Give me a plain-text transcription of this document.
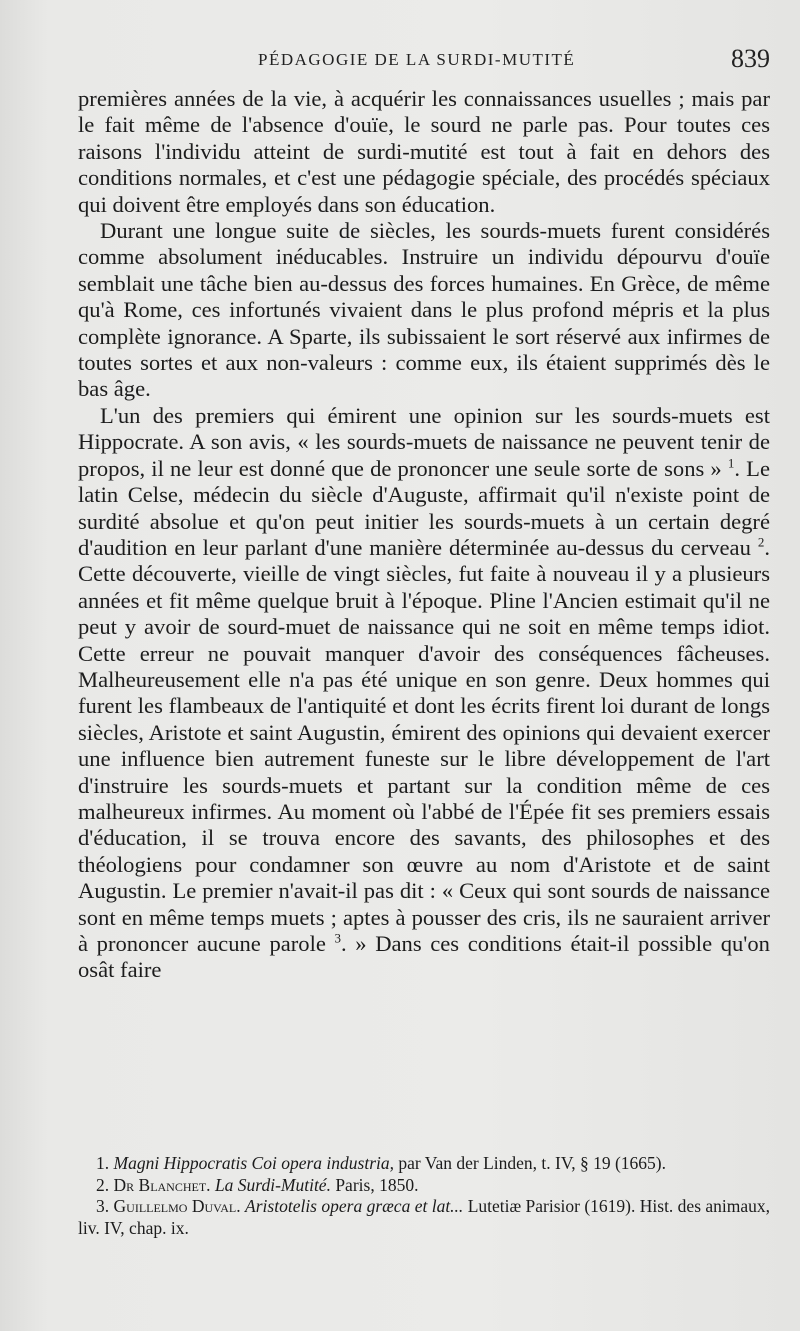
PÉDAGOGIE DE LA SURDI-MUTITÉ	839

premières années de la vie, à acquérir les connaissances usuelles ; mais par le fait même de l'absence d'ouïe, le sourd ne parle pas. Pour toutes ces raisons l'individu atteint de surdi-mutité est tout à fait en dehors des conditions normales, et c'est une pédagogie spéciale, des procédés spéciaux qui doivent être employés dans son éducation.

Durant une longue suite de siècles, les sourds-muets furent considérés comme absolument inéducables. Instruire un individu dépourvu d'ouïe semblait une tâche bien au-dessus des forces humaines. En Grèce, de même qu'à Rome, ces infortunés vivaient dans le plus profond mépris et la plus complète ignorance. A Sparte, ils subissaient le sort réservé aux infirmes de toutes sortes et aux non-valeurs : comme eux, ils étaient supprimés dès le bas âge.

L'un des premiers qui émirent une opinion sur les sourds-muets est Hippocrate. A son avis, « les sourds-muets de naissance ne peuvent tenir de propos, il ne leur est donné que de prononcer une seule sorte de sons » $^1$. Le latin Celse, médecin du siècle d'Auguste, affirmait qu'il n'existe point de surdité absolue et qu'on peut initier les sourds-muets à un certain degré d'audition en leur parlant d'une manière déterminée au-dessus du cerveau $^2$. Cette découverte, vieille de vingt siècles, fut faite à nouveau il y a plusieurs années et fit même quelque bruit à l'époque. Pline l'Ancien estimait qu'il ne peut y avoir de sourd-muet de naissance qui ne soit en même temps idiot. Cette erreur ne pouvait manquer d'avoir des conséquences fâcheuses. Malheureusement elle n'a pas été unique en son genre. Deux hommes qui furent les flambeaux de l'antiquité et dont les écrits firent loi durant de longs siècles, Aristote et saint Augustin, émirent des opinions qui devaient exercer une influence bien autrement funeste sur le libre développement de l'art d'instruire les sourds-muets et partant sur la condition même de ces malheureux infirmes. Au moment où l'abbé de l'Épée fit ses premiers essais d'éducation, il se trouva encore des savants, des philosophes et des théologiens pour condamner son œuvre au nom d'Aristote et de saint Augustin. Le premier n'avait-il pas dit : « Ceux qui sont sourds de naissance sont en même temps muets ; aptes à pousser des cris, ils ne sauraient arriver à prononcer aucune parole $^3$. » Dans ces conditions était-il possible qu'on osât faire

1. Magni Hippocratis Coi opera industria, par Van der Linden, t. IV, § 19 (1665).

2. Dr Blanchet. La Surdi-Mutité. Paris, 1850.

3. Guillelmo Duval. Aristotelis opera græca et lat... Lutetiæ Parisior (1619). Hist. des animaux, liv. IV, chap. ix.
